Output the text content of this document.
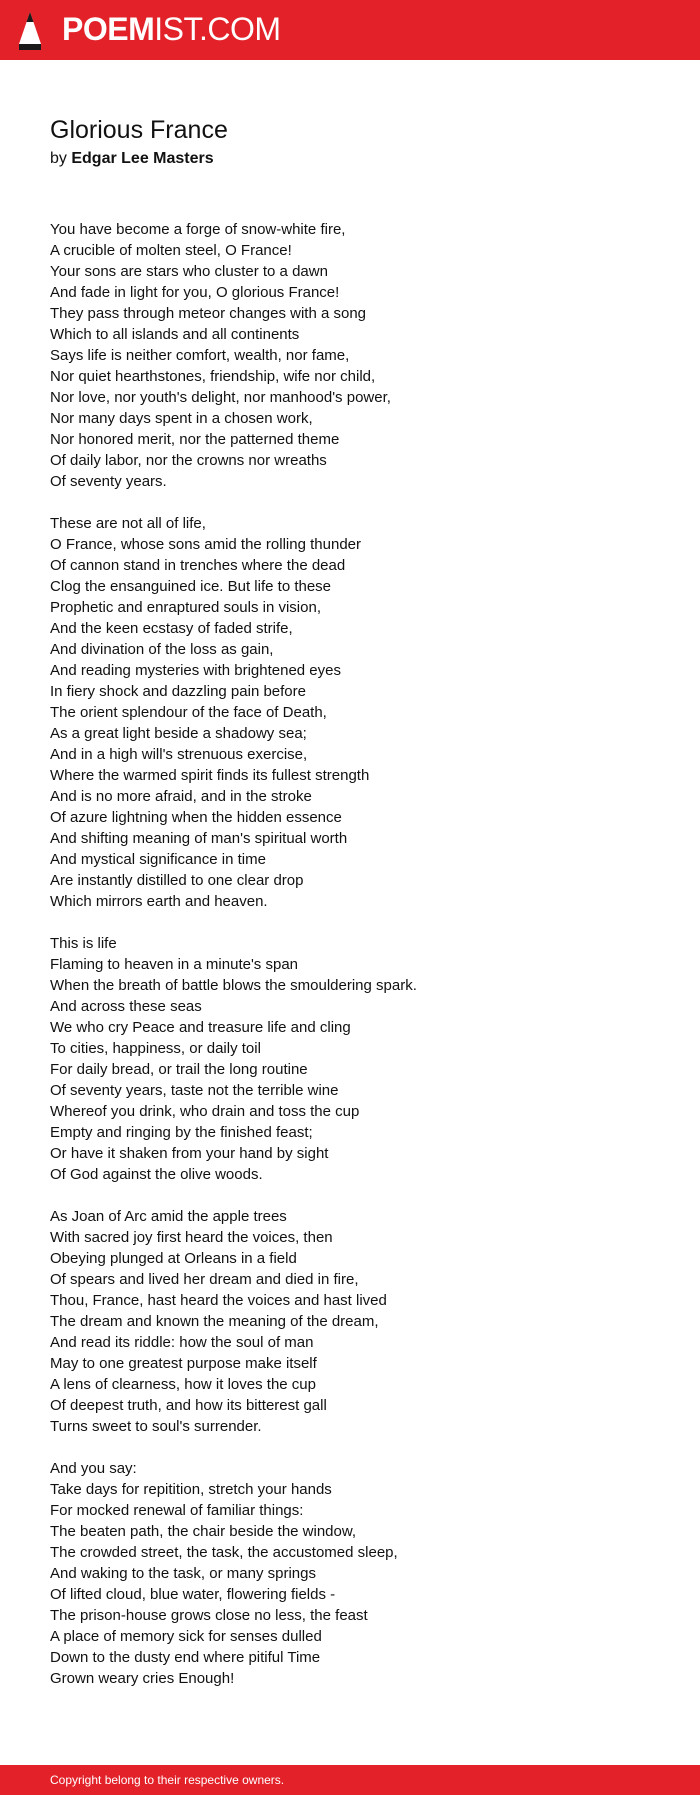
POEMIST.COM
Glorious France
by Edgar Lee Masters
You have become a forge of snow-white fire,
A crucible of molten steel, O France!
Your sons are stars who cluster to a dawn
And fade in light for you, O glorious France!
They pass through meteor changes with a song
Which to all islands and all continents
Says life is neither comfort, wealth, nor fame,
Nor quiet hearthstones, friendship, wife nor child,
Nor love, nor youth's delight, nor manhood's power,
Nor many days spent in a chosen work,
Nor honored merit, nor the patterned theme
Of daily labor, nor the crowns nor wreaths
Of seventy years.
These are not all of life,
O France, whose sons amid the rolling thunder
Of cannon stand in trenches where the dead
Clog the ensanguined ice. But life to these
Prophetic and enraptured souls in vision,
And the keen ecstasy of faded strife,
And divination of the loss as gain,
And reading mysteries with brightened eyes
In fiery shock and dazzling pain before
The orient splendour of the face of Death,
As a great light beside a shadowy sea;
And in a high will's strenuous exercise,
Where the warmed spirit finds its fullest strength
And is no more afraid, and in the stroke
Of azure lightning when the hidden essence
And shifting meaning of man's spiritual worth
And mystical significance in time
Are instantly distilled to one clear drop
Which mirrors earth and heaven.
This is life
Flaming to heaven in a minute's span
When the breath of battle blows the smouldering spark.
And across these seas
We who cry Peace and treasure life and cling
To cities, happiness, or daily toil
For daily bread, or trail the long routine
Of seventy years, taste not the terrible wine
Whereof you drink, who drain and toss the cup
Empty and ringing by the finished feast;
Or have it shaken from your hand by sight
Of God against the olive woods.
As Joan of Arc amid the apple trees
With sacred joy first heard the voices, then
Obeying plunged at Orleans in a field
Of spears and lived her dream and died in fire,
Thou, France, hast heard the voices and hast lived
The dream and known the meaning of the dream,
And read its riddle: how the soul of man
May to one greatest purpose make itself
A lens of clearness, how it loves the cup
Of deepest truth, and how its bitterest gall
Turns sweet to soul's surrender.
And you say:
Take days for repitition, stretch your hands
For mocked renewal of familiar things:
The beaten path, the chair beside the window,
The crowded street, the task, the accustomed sleep,
And waking to the task, or many springs
Of lifted cloud, blue water, flowering fields -
The prison-house grows close no less, the feast
A place of memory sick for senses dulled
Down to the dusty end where pitiful Time
Grown weary cries Enough!
Copyright belong to their respective owners.
